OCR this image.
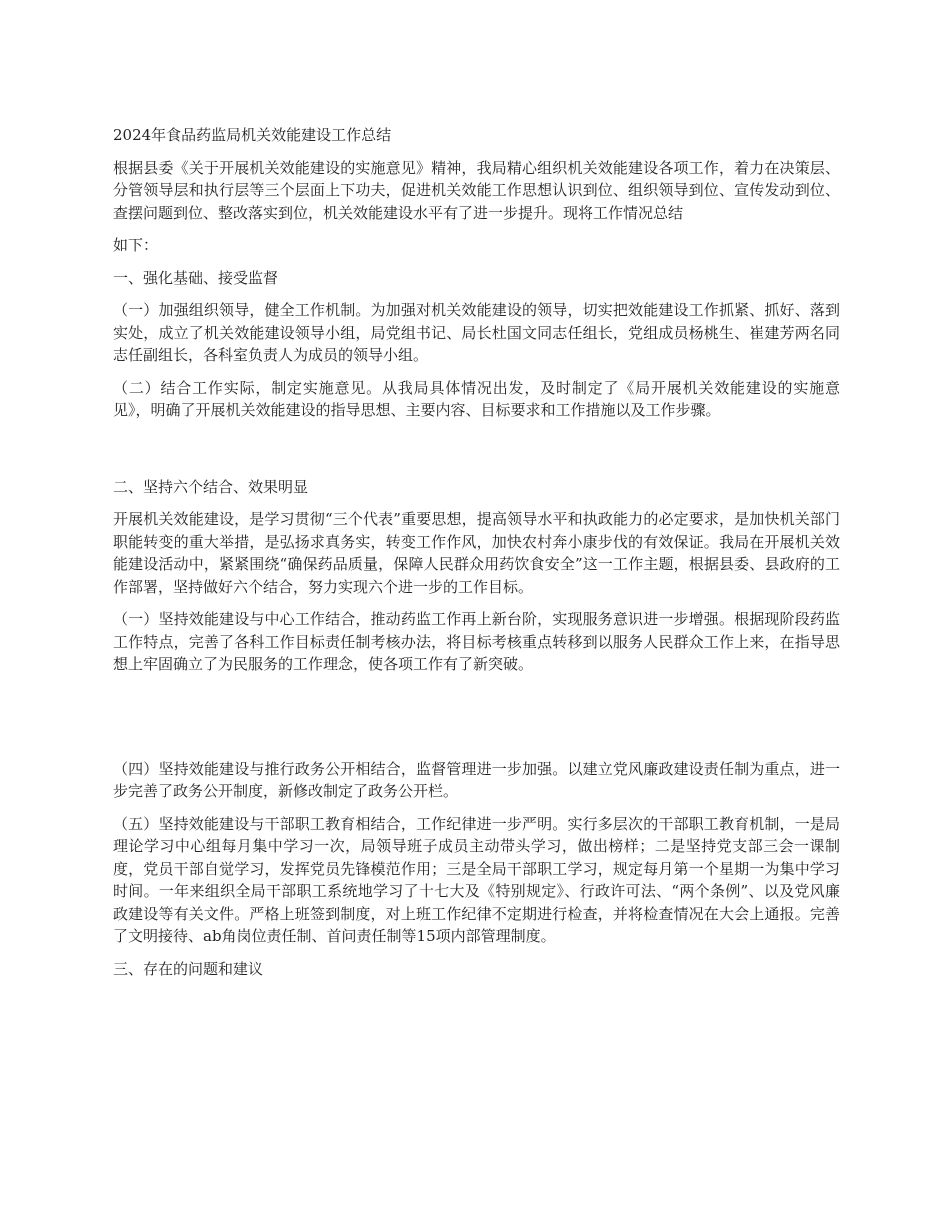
2024年食品药监局机关效能建设工作总结

根据县委《关于开展机关效能建设的实施意见》精神，我局精心组织机关效能建设各项工作，着力在决策层、分管领导层和执行层等三个层面上下功夫，促进机关效能工作思想认识到位、组织领导到位、宣传发动到位、查摆问题到位、整改落实到位，机关效能建设水平有了进一步提升。现将工作情况总结

如下：

一、强化基础、接受监督

（一）加强组织领导，健全工作机制。为加强对机关效能建设的领导，切实把效能建设工作抓紧、抓好、落到实处，成立了机关效能建设领导小组，局党组书记、局长杜国文同志任组长，党组成员杨桃生、崔建芳两名同志任副组长，各科室负责人为成员的领导小组。

（二）结合工作实际，制定实施意见。从我局具体情况出发，及时制定了《局开展机关效能建设的实施意见》，明确了开展机关效能建设的指导思想、主要内容、目标要求和工作措施以及工作步骤。

二、坚持六个结合、效果明显

开展机关效能建设，是学习贯彻“三个代表”重要思想，提高领导水平和执政能力的必定要求，是加快机关部门职能转变的重大举措，是弘扬求真务实，转变工作作风，加快农村奔小康步伐的有效保证。我局在开展机关效能建设活动中，紧紧围绕“确保药品质量，保障人民群众用药饮食安全”这一工作主题，根据县委、县政府的工作部署，坚持做好六个结合，努力实现六个进一步的工作目标。

（一）坚持效能建设与中心工作结合，推动药监工作再上新台阶，实现服务意识进一步增强。根据现阶段药监工作特点，完善了各科工作目标责任制考核办法，将目标考核重点转移到以服务人民群众工作上来，在指导思想上牢固确立了为民服务的工作理念，使各项工作有了新突破。

（四）坚持效能建设与推行政务公开相结合，监督管理进一步加强。以建立党风廉政建设责任制为重点，进一步完善了政务公开制度，新修改制定了政务公开栏。

（五）坚持效能建设与干部职工教育相结合，工作纪律进一步严明。实行多层次的干部职工教育机制，一是局理论学习中心组每月集中学习一次，局领导班子成员主动带头学习，做出榜样；二是坚持党支部三会一课制度，党员干部自觉学习，发挥党员先锋模范作用；三是全局干部职工学习，规定每月第一个星期一为集中学习时间。一年来组织全局干部职工系统地学习了十七大及《特别规定》、行政许可法、“两个条例”、以及党风廉政建设等有关文件。严格上班签到制度，对上班工作纪律不定期进行检查，并将检查情况在大会上通报。完善了文明接待、ab角岗位责任制、首问责任制等15项内部管理制度。

三、存在的问题和建议
